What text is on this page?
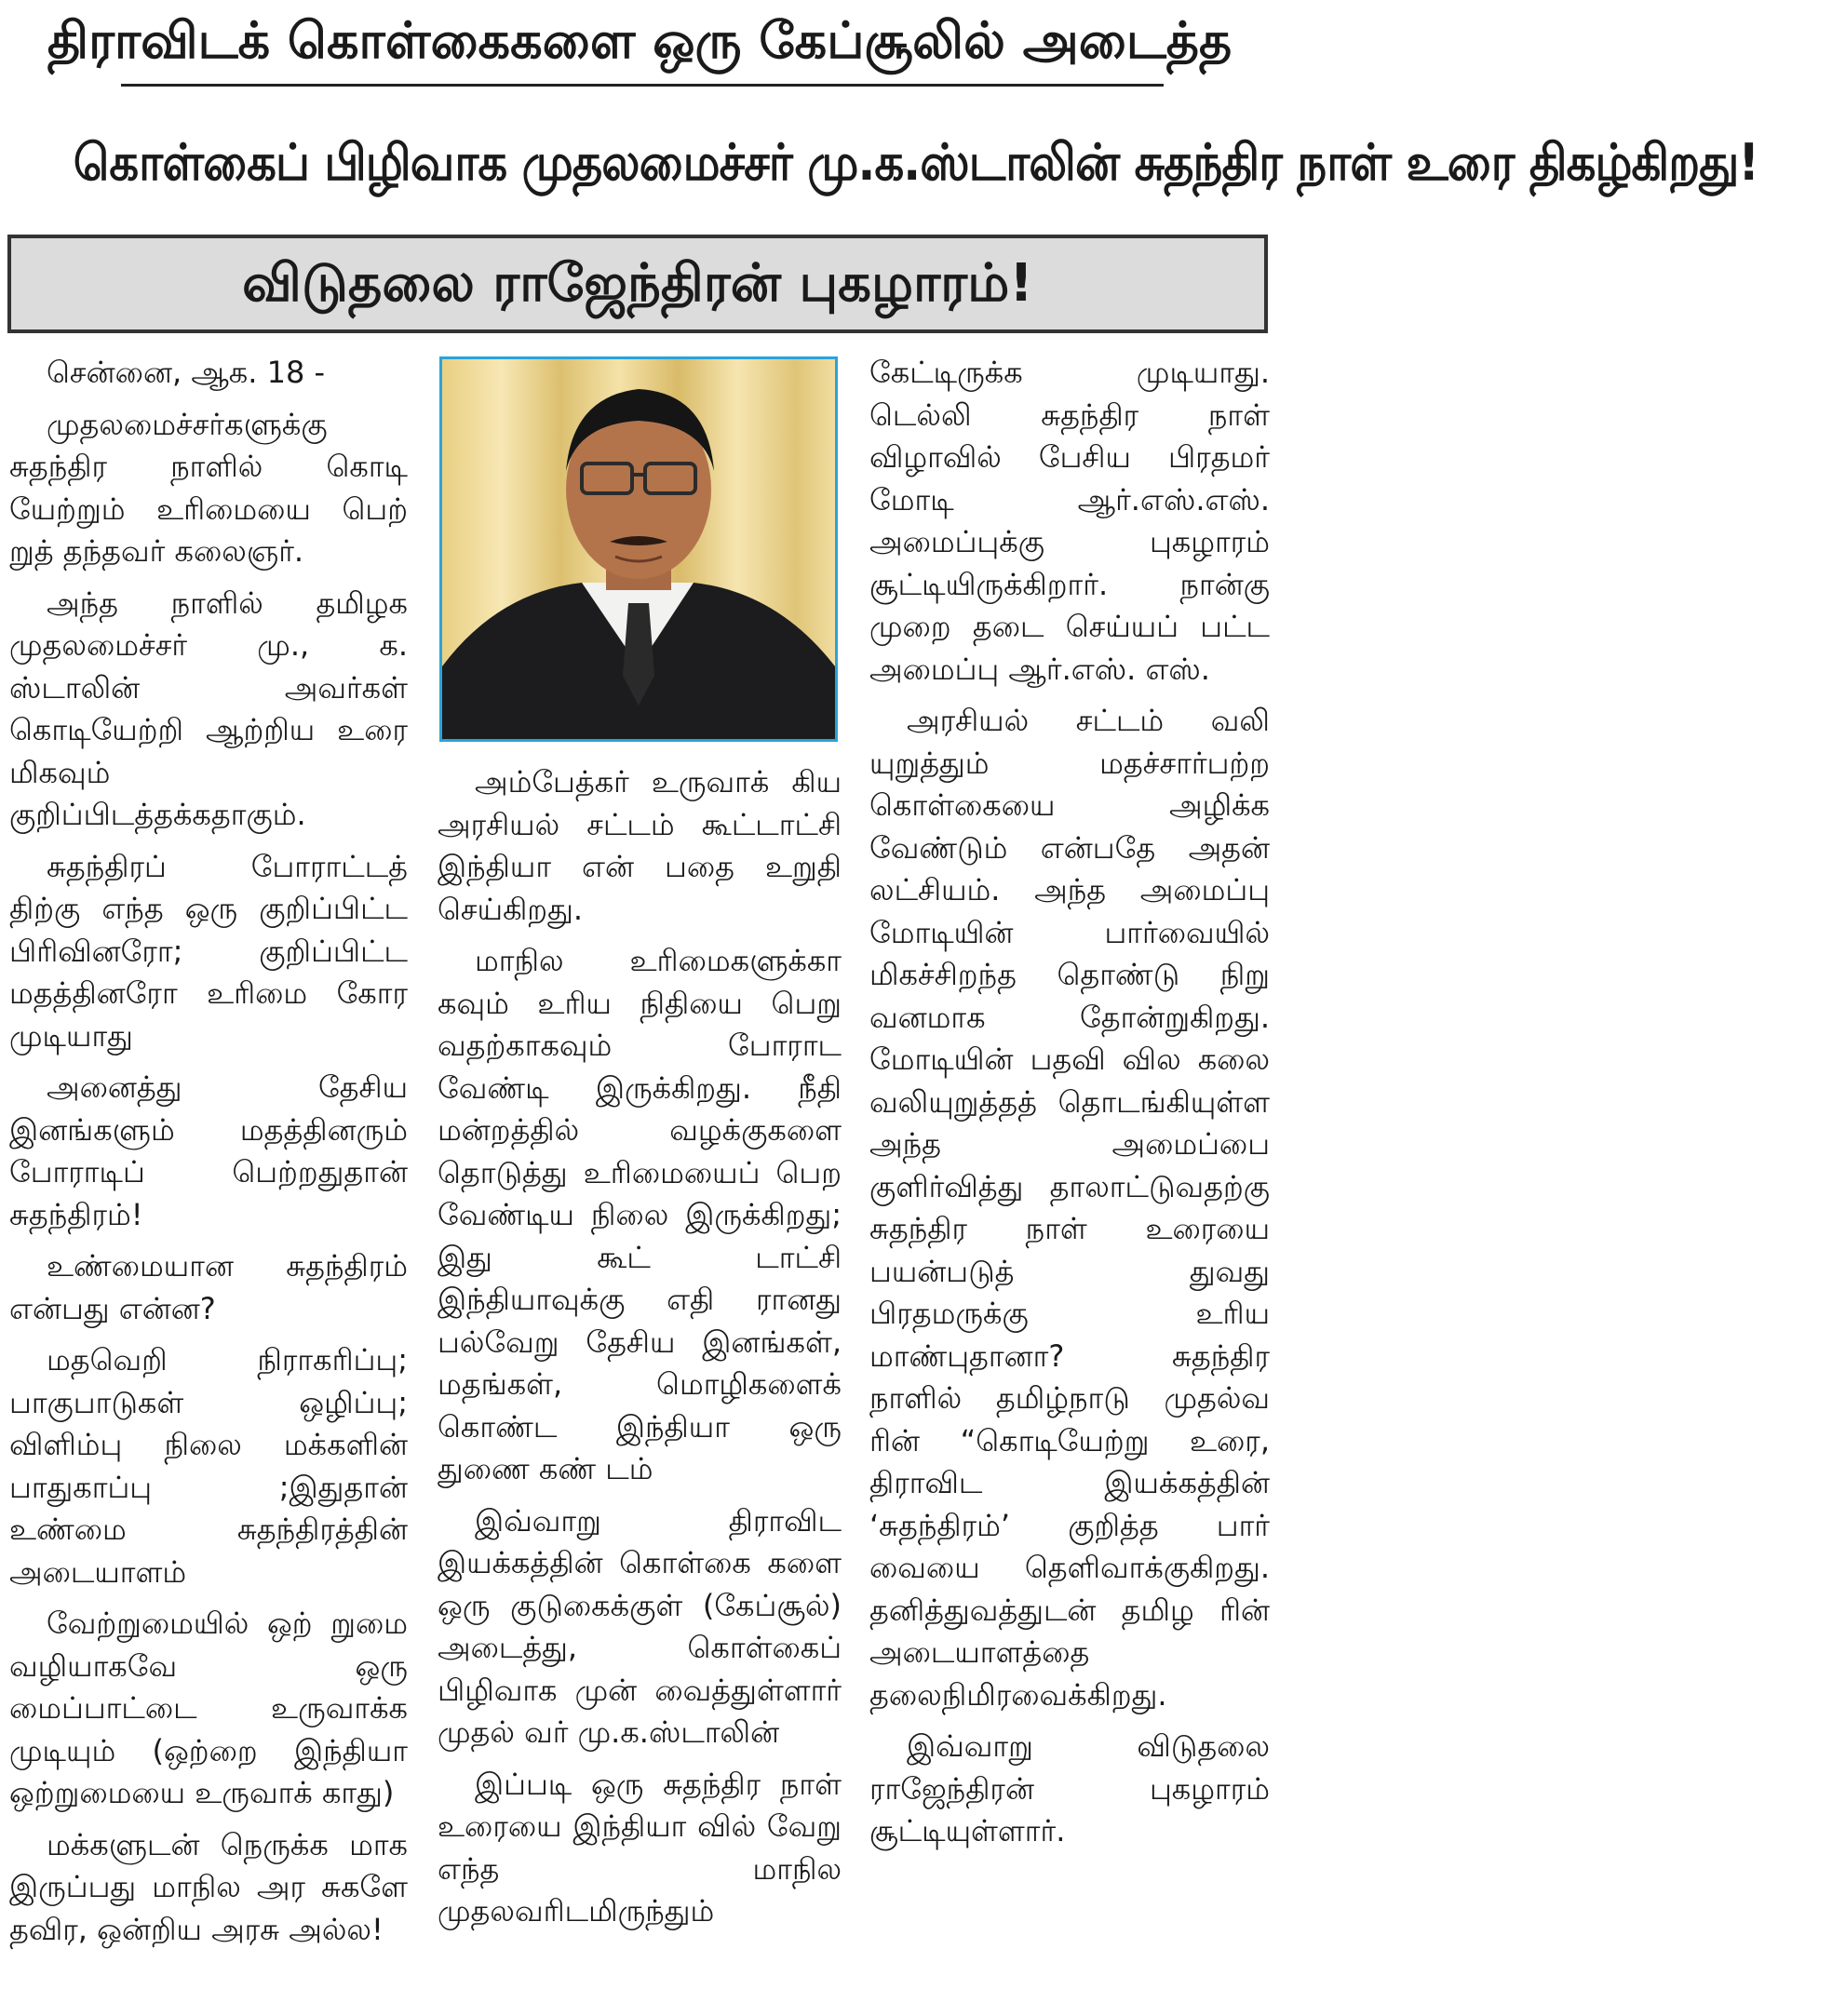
திராவிடக் கொள்கைகளை ஒரு கேப்சூலில் அடைத்த
கொள்கைப் பிழிவாக முதலமைச்சர் மு.க.ஸ்டாலின் சுதந்திர நாள் உரை திகழ்கிறது!
விடுதலை ராஜேந்திரன் புகழாரம்!

சென்னை, ஆக. 18 -

முதலமைச்சர்களுக்கு சுதந்திர நாளில் கொடி யேற்றும் உரிமையை பெற் றுத் தந்தவர் கலைஞர்.

அந்த நாளில் தமிழக முதலமைச்சர் மு., க. ஸ்டாலின் அவர்கள் கொடியேற்றி ஆற்றிய உரை மிகவும் குறிப்பிடத்தக்கதாகும்.

சுதந்திரப் போராட்டத் திற்கு எந்த ஒரு குறிப்பிட்ட பிரிவினரோ; குறிப்பிட்ட மதத்தினரோ உரிமை கோர முடியாது

அனைத்து தேசிய இனங்களும் மதத்தினரும் போராடிப் பெற்றதுதான் சுதந்திரம்!

உண்மையான சுதந்திரம் என்பது என்ன?

மதவெறி நிராகரிப்பு; பாகுபாடுகள் ஒழிப்பு; விளிம்பு நிலை மக்களின் பாதுகாப்பு ;இதுதான் உண்மை சுதந்திரத்தின் அடையாளம்

வேற்றுமையில் ஒற் றுமை வழியாகவே ஒரு மைப்பாட்டை உருவாக்க முடியும் (ஒற்றை இந்தியா ஒற்றுமையை உருவாக் காது)

மக்களுடன் நெருக்க மாக இருப்பது மாநில அர சுகளே தவிர, ஒன்றிய அரசு அல்ல!

அம்பேத்கர் உருவாக் கிய அரசியல் சட்டம் கூட்டாட்சி இந்தியா என் பதை உறுதி செய்கிறது.

மாநில உரிமைகளுக்கா கவும் உரிய நிதியை பெறு வதற்காகவும் போராட வேண்டி இருக்கிறது. நீதி மன்றத்தில் வழக்குகளை தொடுத்து உரிமையைப் பெற வேண்டிய நிலை இருக்கிறது; இது கூட் டாட்சி இந்தியாவுக்கு எதி ரானது பல்வேறு தேசிய இனங்கள், மதங்கள், மொழிகளைக் கொண்ட இந்தியா ஒரு துணை கண் டம்

இவ்வாறு திராவிட இயக்கத்தின் கொள்கை களை ஒரு குடுகைக்குள் (கேப்சூல்) அடைத்து, கொள்கைப் பிழிவாக முன் வைத்துள்ளார் முதல் வர் மு.க.ஸ்டாலின்

இப்படி ஒரு சுதந்திர நாள் உரையை இந்தியா வில் வேறு எந்த மாநில முதலவரிடமிருந்தும்

கேட்டிருக்க முடியாது. டெல்லி சுதந்திர நாள் விழாவில் பேசிய பிரதமர் மோடி ஆர்.எஸ்.எஸ். அமைப்புக்கு புகழாரம் சூட்டியிருக்கிறார். நான்கு முறை தடை செய்யப் பட்ட அமைப்பு ஆர்.எஸ். எஸ்.

அரசியல் சட்டம் வலி யுறுத்தும் மதச்சார்பற்ற கொள்கையை அழிக்க வேண்டும் என்பதே அதன் லட்சியம். அந்த அமைப்பு மோடியின் பார்வையில் மிகச்சிறந்த தொண்டு நிறு வனமாக தோன்றுகிறது. மோடியின் பதவி வில கலை வலியுறுத்தத் தொடங்கியுள்ள அந்த அமைப்பை குளிர்வித்து தாலாட்டுவதற்கு சுதந்திர நாள் உரையை பயன்படுத் துவது பிரதமருக்கு உரிய மாண்புதானா? சுதந்திர நாளில் தமிழ்நாடு முதல்வ ரின் “கொடியேற்று உரை, திராவிட இயக்கத்தின் ‘சுதந்திரம்’ குறித்த பார் வையை தெளிவாக்குகிறது. தனித்துவத்துடன் தமிழ ரின் அடையாளத்தை தலைநிமிரவைக்கிறது.

இவ்வாறு விடுதலை ராஜேந்திரன் புகழாரம் சூட்டியுள்ளார்.
